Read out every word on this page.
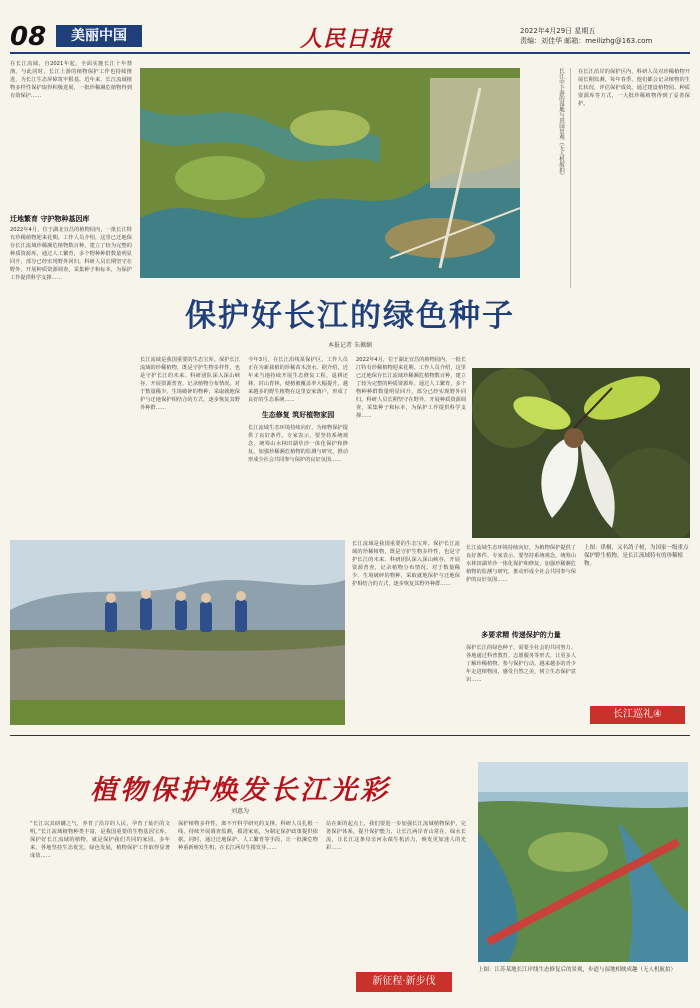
08	美丽中国	人民日报	2022年4月29日 星期五
责编：刘佳华 邮箱：meilizhg@163.com
在长江流域，自2021年起，全面实施长江十年禁渔。与此同时，长江上游的植物保护工作也持续推进，为长江生态屏障筑牢根基。近年来，长江流域植物多样性保护取得积极进展，一批珍稀濒危植物得到有效保护……
迁地繁育 守护物种基因库
2022年4月，位于湖北宜昌的植物园内，一批长江特有珍稀植物迎来花期。工作人员介绍，这里已迁地保存长江流域珍稀濒危植物数百种，建立了较为完整的种质资源库。通过人工繁育，多个物种种群数量明显回升，部分已经实现野外回归。科研人员长期坚守在野外，开展种质资源调查，采集种子和标本，为保护工作提供科学支撑……
长江中下游的湿地与田园景观（无人机航拍）	在长江沿岸的保护区内，科研人员对珍稀植物开展长期监测。每年春季，他们都会记录植物的生长状况，评估保护成效。通过建设植物园、种质资源库等方式，一大批珍稀植物得到了妥善保护。
保护好长江的绿色种子
本报记者 朱佩娴
长江流域是我国重要的生态宝库。保护长江流域的珍稀植物，既是守护生物多样性，也是守护长江的未来。科研团队深入深山峡谷，开展资源普查，记录植物分布情况。对于数量稀少、生境破碎的物种，采取就地保护与迁地保护相结合的方式，逐步恢复其野外种群……
生态修复 筑好植物家园
今年3月，在长江沿线某保护区，工作人员正在为新栽植的珍稀苗木浇水。据介绍，近年来当地持续开展生态修复工程，退耕还林、封山育林，使植被覆盖率大幅提升。越来越多的野生植物在这里安家落户，形成了良好的生态系统……
长江流域生态环境持续向好，为植物保护提供了良好条件。专家表示，要坚持系统观念，统筹山水林田湖草沙一体化保护和修复，加强珍稀濒危植物的监测与研究，推动形成全社会共同参与保护的良好氛围……
2022年4月，位于湖北宜昌的植物园内，一批长江特有珍稀植物迎来花期。工作人员介绍，这里已迁地保存长江流域珍稀濒危植物数百种，建立了较为完整的种质资源库。通过人工繁育，多个物种种群数量明显回升，部分已经实现野外回归。科研人员长期坚守在野外，开展种质资源调查，采集种子和标本，为保护工作提供科学支撑……
长江流域是我国重要的生态宝库。保护长江流域的珍稀植物，既是守护生物多样性，也是守护长江的未来。科研团队深入深山峡谷，开展资源普查，记录植物分布情况。对于数量稀少、生境破碎的物种，采取就地保护与迁地保护相结合的方式，逐步恢复其野外种群……
多要求精 传递保护的力量
长江流域生态环境持续向好，为植物保护提供了良好条件。专家表示，要坚持系统观念，统筹山水林田湖草沙一体化保护和修复，加强珍稀濒危植物的监测与研究，推动形成全社会共同参与保护的良好氛围……
保护长江的绿色种子，需要全社会的共同努力。各地通过科普教育、志愿服务等形式，让更多人了解珍稀植物、参与保护行动。越来越多的青少年走进植物园，感受自然之美，树立生态保护意识……
上图：珙桐，又名鸽子树，为国家一级重点保护野生植物，是长江流域特有的珍稀植物。
长江巡礼④
植物保护焕发长江光彩
刘惠为
“长江以其磅礴之气，养育了沿岸的人民，孕育了灿烂的文明。”长江流域植物种类丰富，是我国重要的生物基因宝库。保护好长江流域的植物，就是保护我们共同的家园。多年来，各地坚持生态优先、绿色发展，植物保护工作取得显著成效……
保护植物多样性，离不开科学研究的支撑。科研人员扎根一线，持续开展调查监测，摸清家底，为制定保护政策提供依据。同时，通过迁地保护、人工繁育等手段，让一批濒危物种重新焕发生机，在长江两岸生根发芽……
站在新的起点上，我们要进一步加强长江流域植物保护，完善保护体系，提升保护能力，让长江两岸青山常在、绿水长流，让长江这条母亲河永葆生机活力，焕发更加迷人的光彩……
新征程·新步伐
上图：江苏某地长江岸线生态修复后的景观，步道与湿地相映成趣（无人机航拍）
